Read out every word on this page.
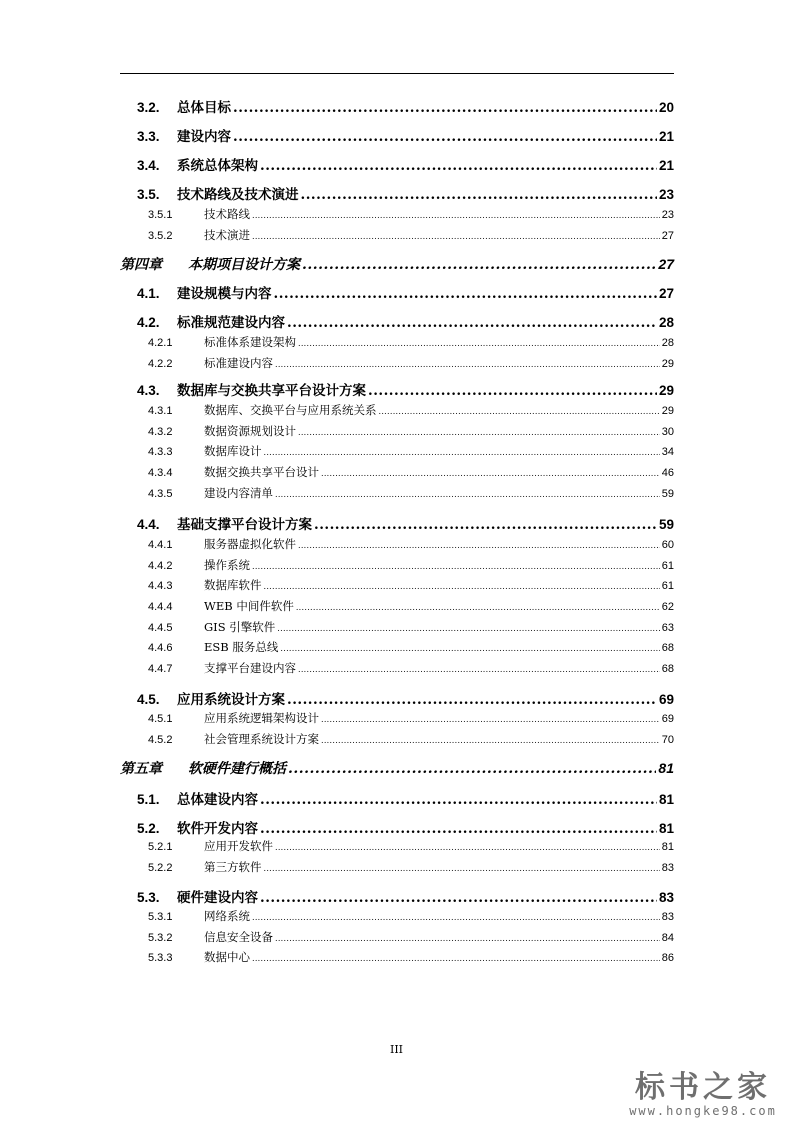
3.2.	总体目标 .....	20
3.3.	建设内容 .....	21
3.4.	系统总体架构 .....	21
3.5.	技术路线及技术演进 .....	23
3.5.1	技术路线 .....	23
3.5.2	技术演进 .....	27
第四章	本期项目设计方案 .....	27
4.1.	建设规模与内容 .....	27
4.2.	标准规范建设内容 .....	28
4.2.1	标准体系建设架构 .....	28
4.2.2	标准建设内容 .....	29
4.3.	数据库与交换共享平台设计方案 .....	29
4.3.1	数据库、交换平台与应用系统关系 .....	29
4.3.2	数据资源规划设计 .....	30
4.3.3	数据库设计 .....	34
4.3.4	数据交换共享平台设计 .....	46
4.3.5	建设内容清单 .....	59
4.4.	基础支撑平台设计方案 .....	59
4.4.1	服务器虚拟化软件 .....	60
4.4.2	操作系统 .....	61
4.4.3	数据库软件 .....	61
4.4.4	WEB 中间件软件 .....	62
4.4.5	GIS 引擎软件 .....	63
4.4.6	ESB 服务总线 .....	68
4.4.7	支撑平台建设内容 .....	68
4.5.	应用系统设计方案 .....	69
4.5.1	应用系统逻辑架构设计 .....	69
4.5.2	社会管理系统设计方案 .....	70
第五章	软硬件建行概括 .....	81
5.1.	总体建设内容 .....	81
5.2.	软件开发内容 .....	81
5.2.1	应用开发软件 .....	81
5.2.2	第三方软件 .....	83
5.3.	硬件建设内容 .....	83
5.3.1	网络系统 .....	83
5.3.2	信息安全设备 .....	84
5.3.3	数据中心 .....	86
III
标书之家
www.hongke98.com
